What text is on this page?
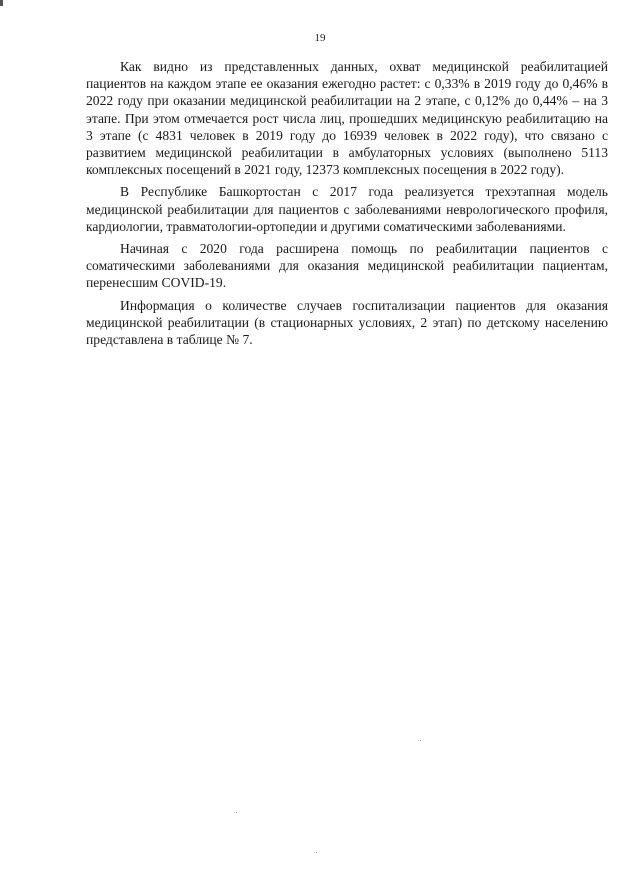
19

Как видно из представленных данных, охват медицинской реабилитацией пациентов на каждом этапе ее оказания ежегодно растет: с 0,33% в 2019 году до 0,46% в 2022 году при оказании медицинской реабилитации на 2 этапе, с 0,12% до 0,44% – на 3 этапе. При этом отмечается рост числа лиц, прошедших медицинскую реабилитацию на 3 этапе (с 4831 человек в 2019 году до 16939 человек в 2022 году), что связано с развитием медицинской реабилитации в амбулаторных условиях (выполнено 5113 комплексных посещений в 2021 году, 12373 комплексных посещения в 2022 году).

В Республике Башкортостан с 2017 года реализуется трехэтапная модель медицинской реабилитации для пациентов с заболеваниями неврологического профиля, кардиологии, травматологии-ортопедии и другими соматическими заболеваниями.

Начиная с 2020 года расширена помощь по реабилитации пациентов с соматическими заболеваниями для оказания медицинской реабилитации пациентам, перенесшим COVID-19.

Информация о количестве случаев госпитализации пациентов для оказания медицинской реабилитации (в стационарных условиях, 2 этап) по детскому населению представлена в таблице № 7.
